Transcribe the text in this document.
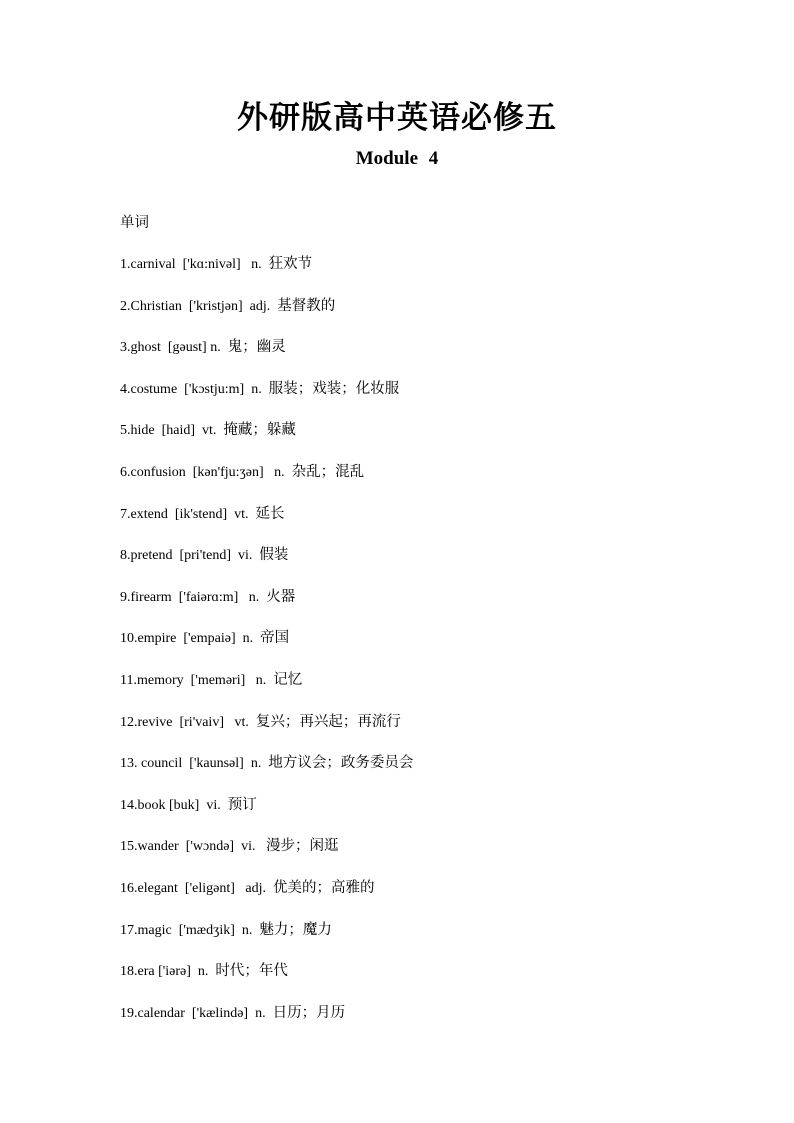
外研版高中英语必修五
Module 4
单词
1.carnival  ['kɑ:nivəl]   n.  狂欢节
2.Christian  ['kristjən]  adj.  基督教的
3.ghost  [gəust] n.  鬼；幽灵
4.costume  ['kɔstju:m]  n.  服装；戏装；化妆服
5.hide  [haid]  vt.  掩藏；躲藏
6.confusion  [kən'fju:ʒən]   n.  杂乱；混乱
7.extend  [ik'stend]  vt.  延长
8.pretend  [pri'tend]  vi.  假装
9.firearm  ['faiərɑ:m]   n.  火器
10.empire  ['empaiə]  n.  帝国
11.memory  ['meməri]   n.  记忆
12.revive  [ri'vaiv]   vt.  复兴；再兴起；再流行
13. council  ['kaunsəl]  n.  地方议会；政务委员会
14.book [buk]  vi.  预订
15.wander  ['wɔndə]  vi.   漫步；闲逛
16.elegant  ['eligənt]   adj.  优美的；高雅的
17.magic  ['mædʒik]  n.  魅力；魔力
18.era ['iərə]  n.  时代；年代
19.calendar  ['kælində]  n.  日历；月历
